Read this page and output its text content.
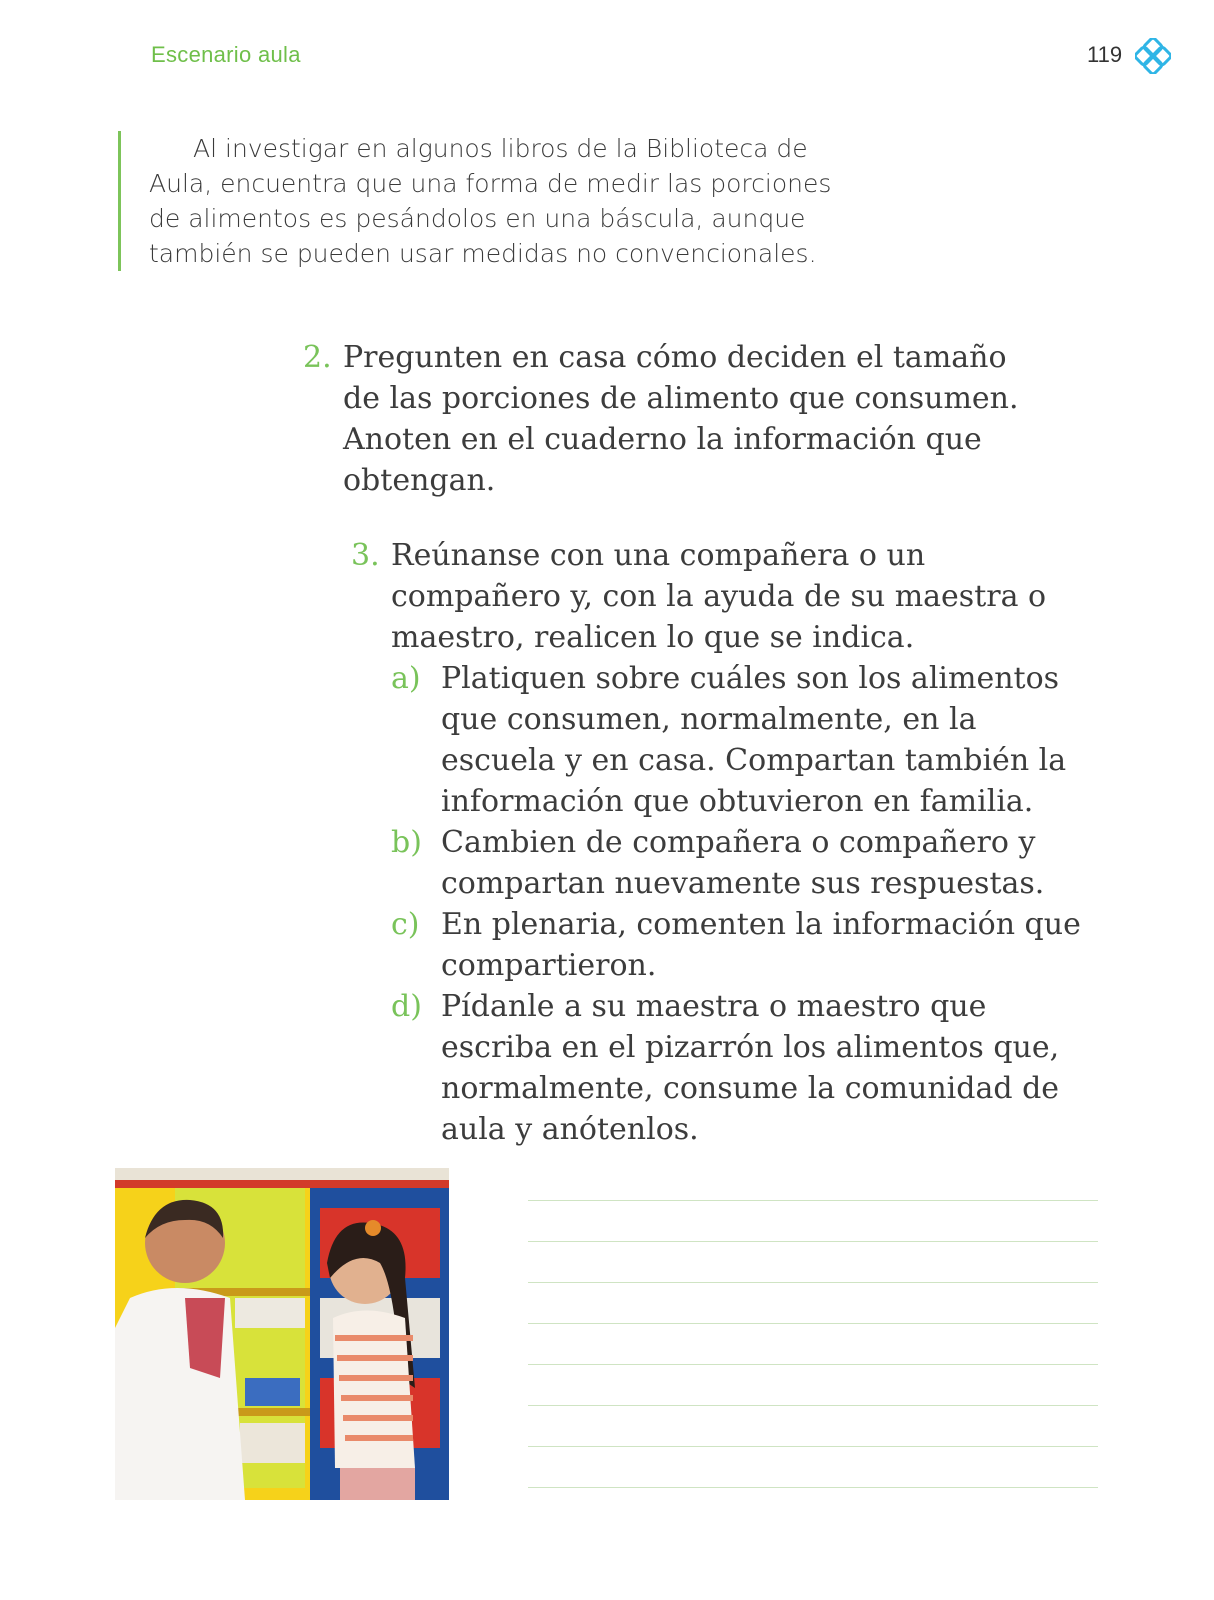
Escenario aula	119
Al investigar en algunos libros de la Biblioteca de Aula, encuentra que una forma de medir las porciones de alimentos es pesándolos en una báscula, aunque también se pueden usar medidas no convencionales.
2. Pregunten en casa cómo deciden el tamaño de las porciones de alimento que consumen. Anoten en el cuaderno la información que obtengan.
3. Reúnanse con una compañera o un compañero y, con la ayuda de su maestra o maestro, realicen lo que se indica.
a) Platiquen sobre cuáles son los alimentos que consumen, normalmente, en la escuela y en casa. Compartan también la información que obtuvieron en familia.
b) Cambien de compañera o compañero y compartan nuevamente sus respuestas.
c) En plenaria, comenten la información que compartieron.
d) Pídanle a su maestra o maestro que escriba en el pizarrón los alimentos que, normalmente, consume la comunidad de aula y anótenlos.
